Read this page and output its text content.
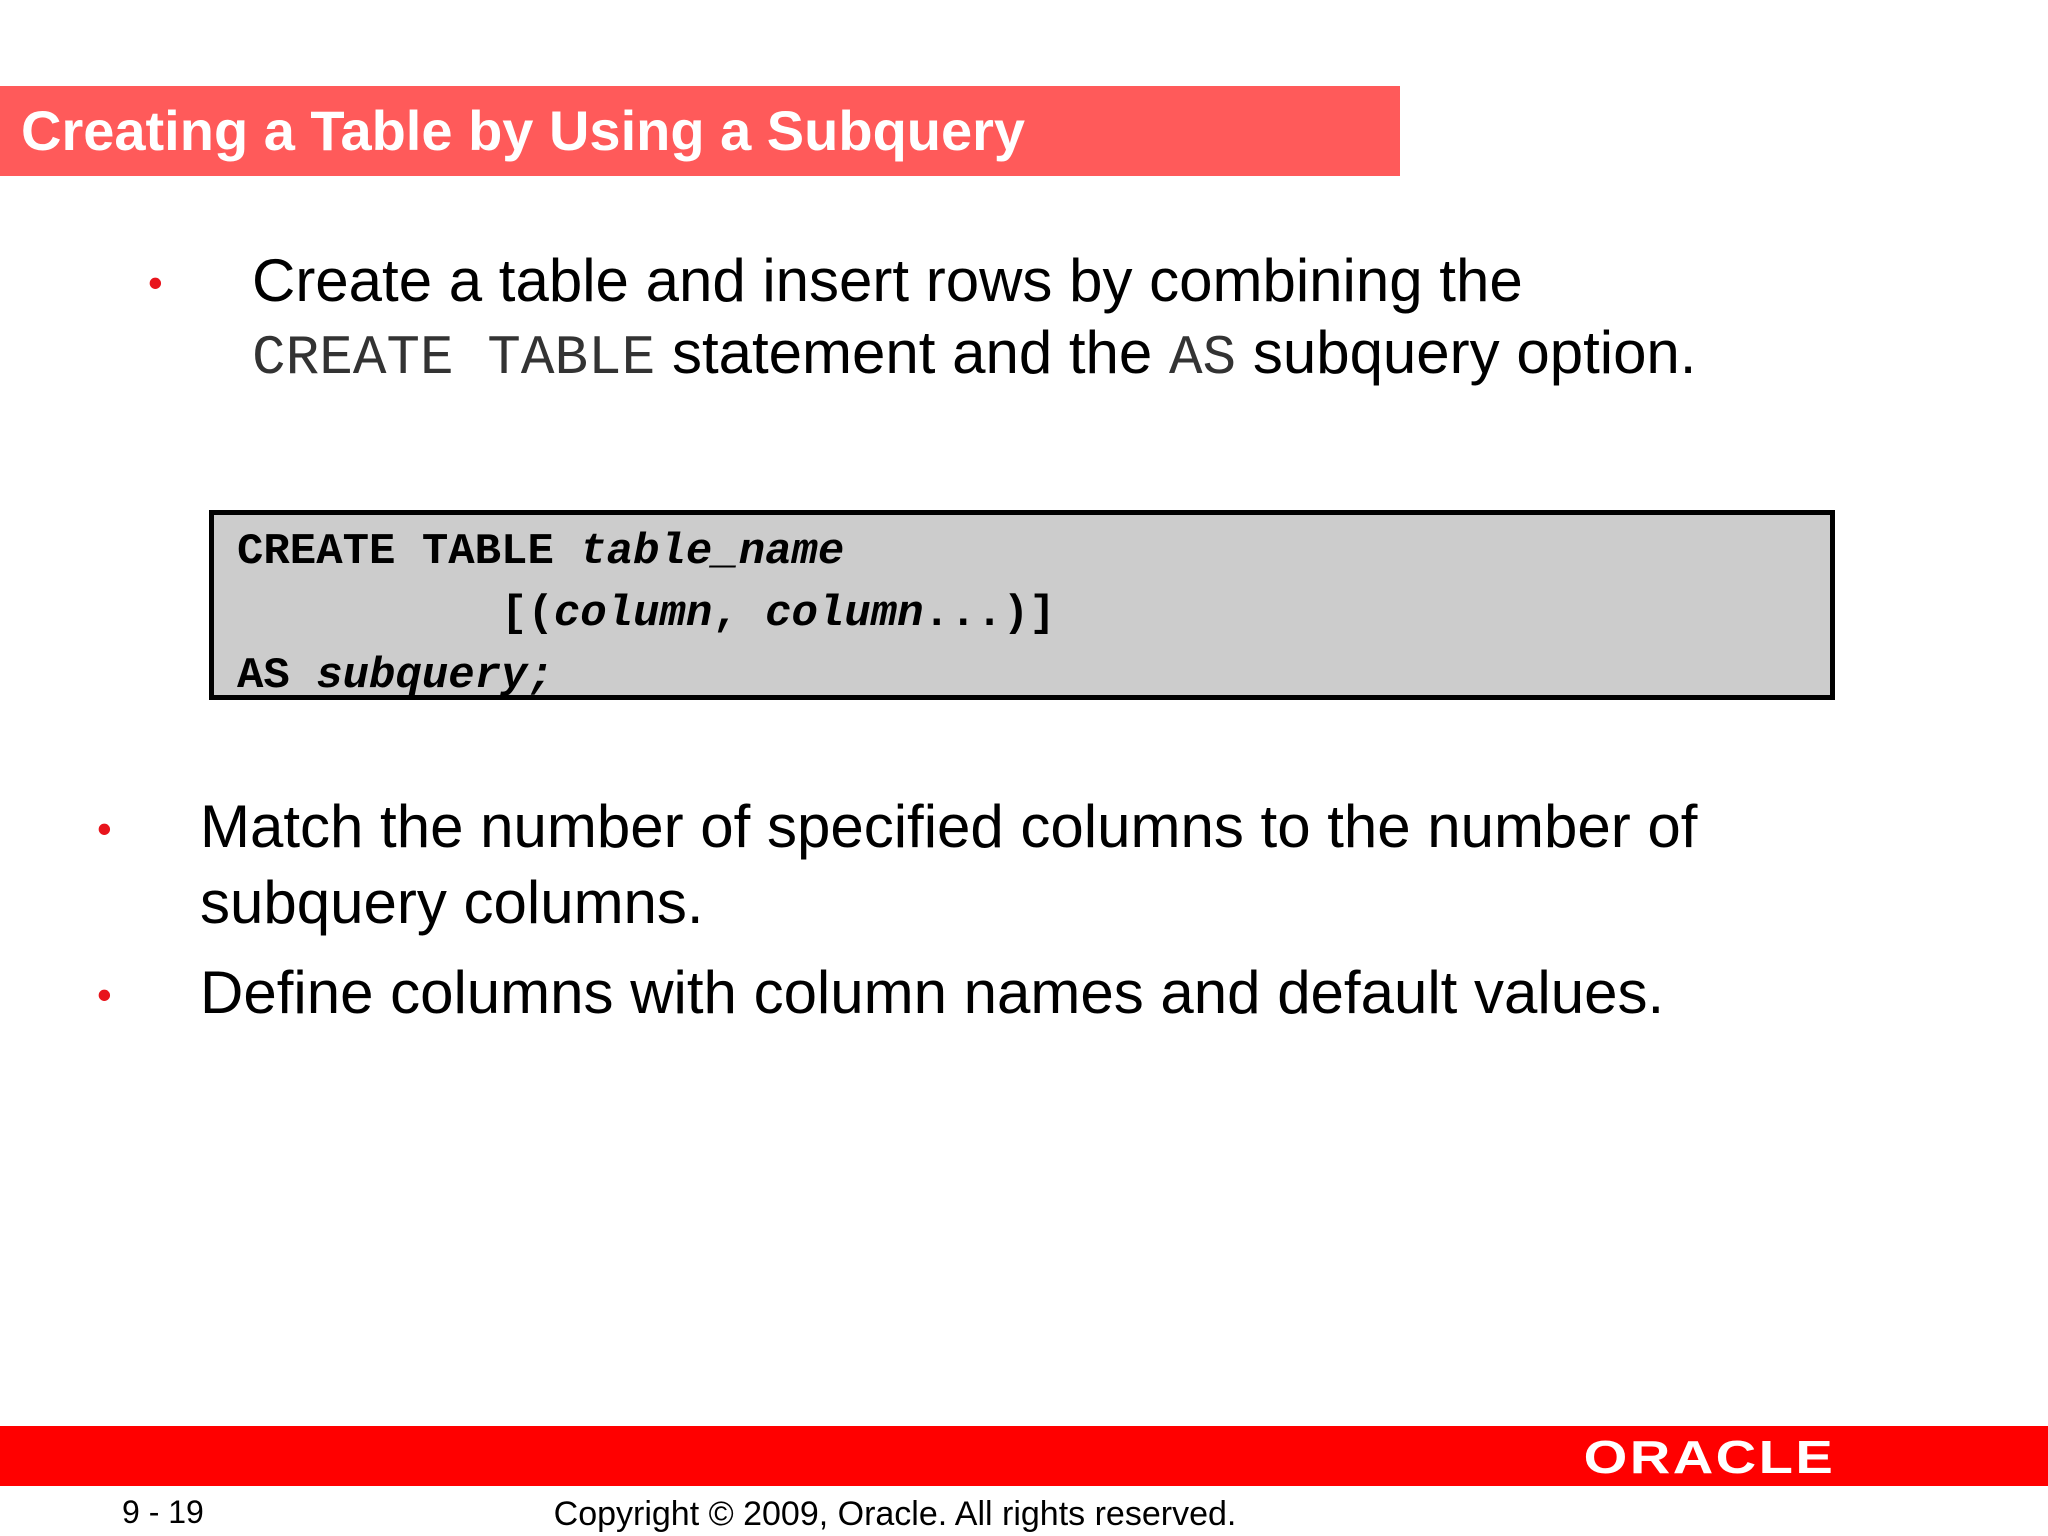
Creating a Table by Using a Subquery
• Create a table and insert rows by combining the
CREATE TABLE statement and the AS subquery option.
CREATE TABLE table_name
[(column, column...)]
AS subquery;
• Match the number of specified columns to the number of
subquery columns.
• Define columns with column names and default values.
ORACLE
9 - 19	Copyright © 2009, Oracle. All rights reserved.
